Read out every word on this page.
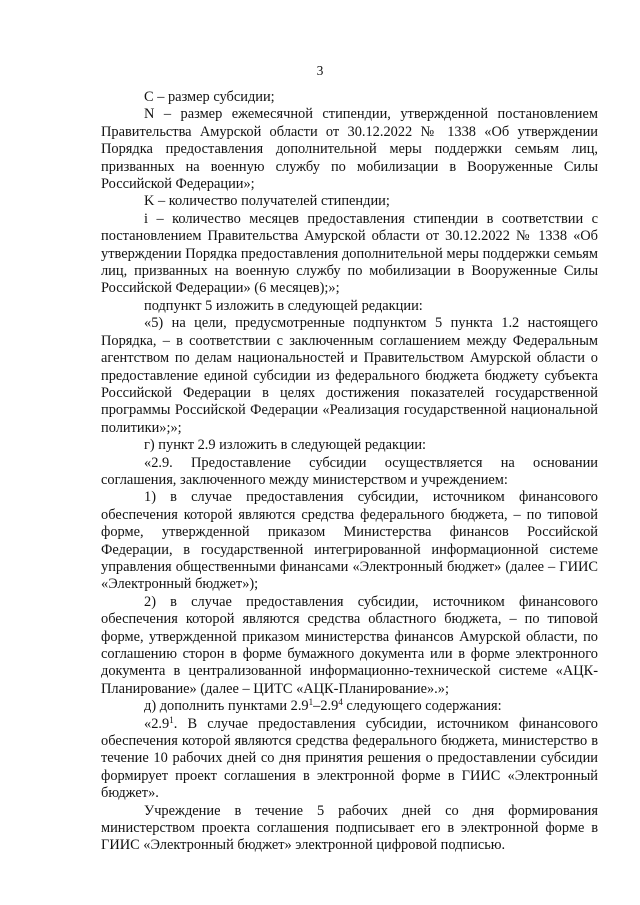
3

С – размер субсидии;

N – размер ежемесячной стипендии, утвержденной постановлением Правительства Амурской области от 30.12.2022 № 1338 «Об утверждении Порядка предоставления дополнительной меры поддержки семьям лиц, призванных на военную службу по мобилизации в Вооруженные Силы Российской Федерации»;

K – количество получателей стипендии;

i – количество месяцев предоставления стипендии в соответствии с постановлением Правительства Амурской области от 30.12.2022 № 1338 «Об утверждении Порядка предоставления дополнительной меры поддержки семьям лиц, призванных на военную службу по мобилизации в Вооруженные Силы Российской Федерации» (6 месяцев);»;

подпункт 5 изложить в следующей редакции:

«5) на цели, предусмотренные подпунктом 5 пункта 1.2 настоящего Порядка, – в соответствии с заключенным соглашением между Федеральным агентством по делам национальностей и Правительством Амурской области о предоставление единой субсидии из федерального бюджета бюджету субъекта Российской Федерации в целях достижения показателей государственной программы Российской Федерации «Реализация государственной национальной политики»;»;

г) пункт 2.9 изложить в следующей редакции:

«2.9. Предоставление субсидии осуществляется на основании соглашения, заключенного между министерством и учреждением:

1) в случае предоставления субсидии, источником финансового обеспечения которой являются средства федерального бюджета, – по типовой форме, утвержденной приказом Министерства финансов Российской Федерации, в государственной интегрированной информационной системе управления общественными финансами «Электронный бюджет» (далее – ГИИС «Электронный бюджет»);

2) в случае предоставления субсидии, источником финансового обеспечения которой являются средства областного бюджета, – по типовой форме, утвержденной приказом министерства финансов Амурской области, по соглашению сторон в форме бумажного документа или в форме электронного документа в централизованной информационно-технической системе «АЦК-Планирование» (далее – ЦИТС «АЦК-Планирование».»;

д) дополнить пунктами $2.9^1-2.9^4$ следующего содержания:

«$2.9^1$. В случае предоставления субсидии, источником финансового обеспечения которой являются средства федерального бюджета, министерство в течение 10 рабочих дней со дня принятия решения о предоставлении субсидии формирует проект соглашения в электронной форме в ГИИС «Электронный бюджет».

Учреждение в течение 5 рабочих дней со дня формирования министерством проекта соглашения подписывает его в электронной форме в ГИИС «Электронный бюджет» электронной цифровой подписью.
